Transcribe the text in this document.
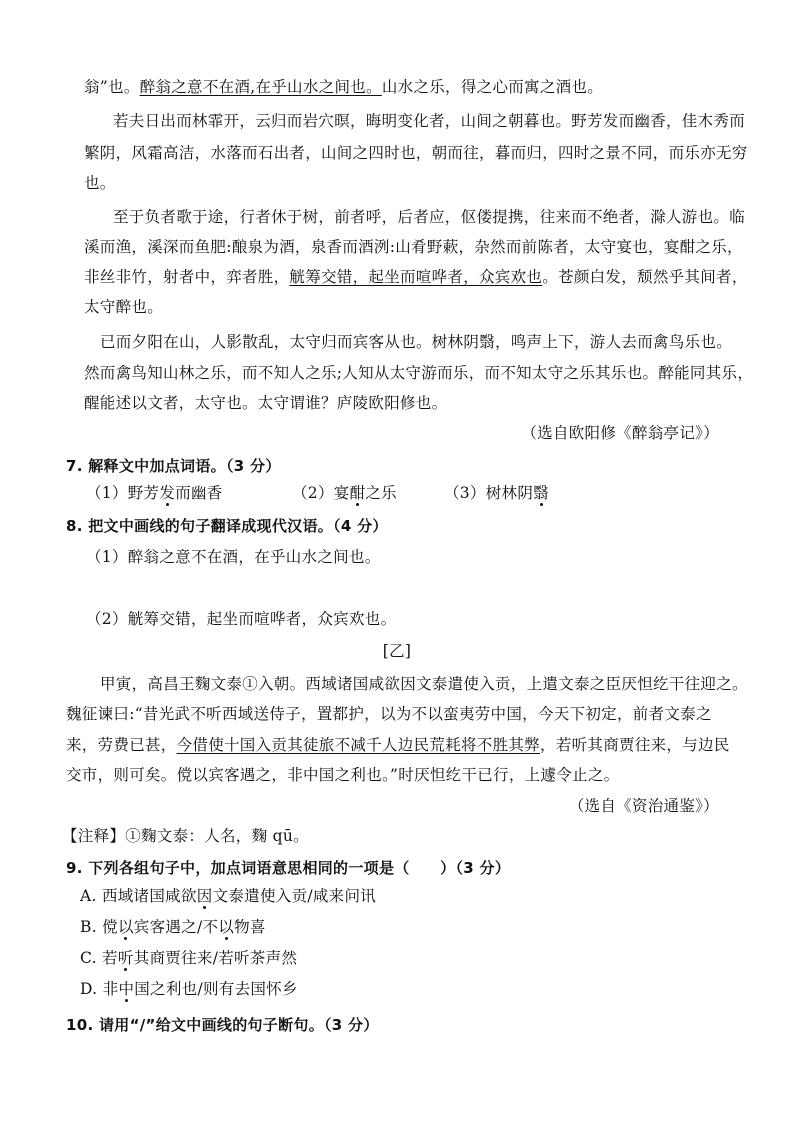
翁”也。醉翁之意不在酒,在乎山水之间也。山水之乐，得之心而寓之酒也。
若夫日出而林霏开，云归而岩穴暝，晦明变化者，山间之朝暮也。野芳发而幽香，佳木秀而
繁阴，风霜高洁，水落而石出者，山间之四时也，朝而往，暮而归，四时之景不同，而乐亦无穷
也。
至于负者歌于途，行者休于树，前者呼，后者应，伛偻提携，往来而不绝者，滁人游也。临
溪而渔，溪深而鱼肥:酿泉为酒，泉香而酒洌:山肴野蔌，杂然而前陈者，太守宴也，宴酣之乐，
非丝非竹，射者中，弈者胜，觥筹交错，起坐而喧哗者，众宾欢也。苍颜白发，颓然乎其间者，
太守醉也。
已而夕阳在山，人影散乱，太守归而宾客从也。树林阴翳，鸣声上下，游人去而禽鸟乐也。
然而禽鸟知山林之乐，而不知人之乐;人知从太守游而乐，而不知太守之乐其乐也。醉能同其乐，
醒能述以文者，太守也。太守谓谁？庐陵欧阳修也。
（选自欧阳修《醉翁亭记》）
7. 解释文中加点词语。（3 分）
（1）野芳发而幽香	（2）宴酣之乐	（3）树林阴翳
8. 把文中画线的句子翻译成现代汉语。（4 分）
（1）醉翁之意不在酒，在乎山水之间也。
（2）觥筹交错，起坐而喧哗者，众宾欢也。
[乙]
甲寅，高昌王麴文泰①入朝。西域诸国咸欲因文泰遣使入贡，上遣文泰之臣厌怛纥干往迎之。
魏征谏曰:“昔光武不听西域送侍子，置都护，以为不以蛮夷劳中国，今天下初定，前者文泰之
来，劳费已甚，今借使十国入贡其徒旅不减千人边民荒耗将不胜其弊，若听其商贾往来，与边民
交市，则可矣。傥以宾客遇之，非中国之利也。”时厌怛纥干已行，上遽令止之。
（选自《资治通鉴》）
【注释】①麴文泰：人名，麴 qū。
9. 下列各组句子中，加点词语意思相同的一项是（　　）（3 分）
A. 西域诸国咸欲因文泰遣使入贡/咸来问讯
B. 傥以宾客遇之/不以物喜
C. 若听其商贾往来/若听茶声然
D. 非中国之利也/则有去国怀乡
10. 请用“/”给文中画线的句子断句。（3 分）
